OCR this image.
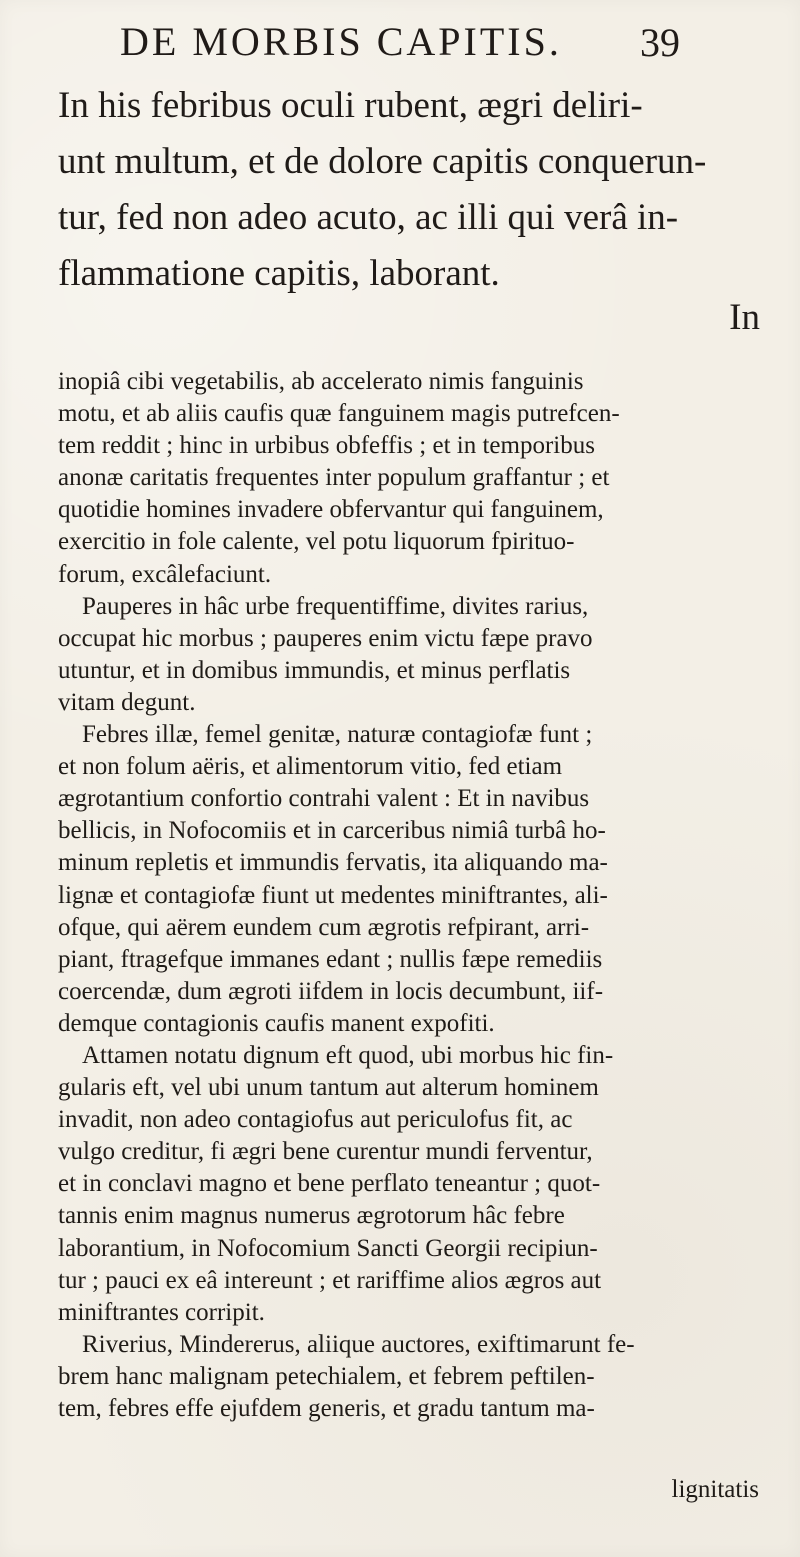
DE MORBIS CAPITIS. 39
In his febribus oculi rubent, ægri deliri-
unt multum, et de dolore capitis conquerun-
tur, fed non adeo acuto, ac illi qui verâ in-
flammatione capitis, laborant.
In
inopiâ cibi vegetabilis, ab accelerato nimis fanguinis
motu, et ab aliis caufis quæ fanguinem magis putrefcen-
tem reddit ; hinc in urbibus obfeffis ; et in temporibus
anonæ caritatis frequentes inter populum graffantur ; et
quotidie homines invadere obfervantur qui fanguinem,
exercitio in fole calente, vel potu liquorum fpirituo-
forum, excâlefaciunt.
Pauperes in hâc urbe frequentiffime, divites rarius,
occupat hic morbus ; pauperes enim victu fæpe pravo
utuntur, et in domibus immundis, et minus perflatis
vitam degunt.
Febres illæ, femel genitæ, naturæ contagiofæ funt ;
et non folum aëris, et alimentorum vitio, fed etiam
ægrotantium confortio contrahi valent : Et in navibus
bellicis, in Nofocomiis et in carceribus nimiâ turbâ ho-
minum repletis et immundis fervatis, ita aliquando ma-
lignæ et contagiofæ fiunt ut medentes miniftrantes, ali-
ofque, qui aërem eundem cum ægrotis refpirant, arri-
piant, ftragefque immanes edant ; nullis fæpe remediis
coercendæ, dum ægroti iifdem in locis decumbunt, iif-
demque contagionis caufis manent expofiti.
Attamen notatu dignum eft quod, ubi morbus hic fin-
gularis eft, vel ubi unum tantum aut alterum hominem
invadit, non adeo contagiofus aut periculofus fit, ac
vulgo creditur, fi ægri bene curentur mundi ferventur,
et in conclavi magno et bene perflato teneantur ; quot-
tannis enim magnus numerus ægrotorum hâc febre
laborantium, in Nofocomium Sancti Georgii recipiun-
tur ; pauci ex eâ intereunt ; et rariffime alios ægros aut
miniftrantes corripit.
Riverius, Mindererus, aliique auctores, exiftimarunt fe-
brem hanc malignam petechialem, et febrem peftilen-
tem, febres effe ejufdem generis, et gradu tantum ma-
lignitatis
